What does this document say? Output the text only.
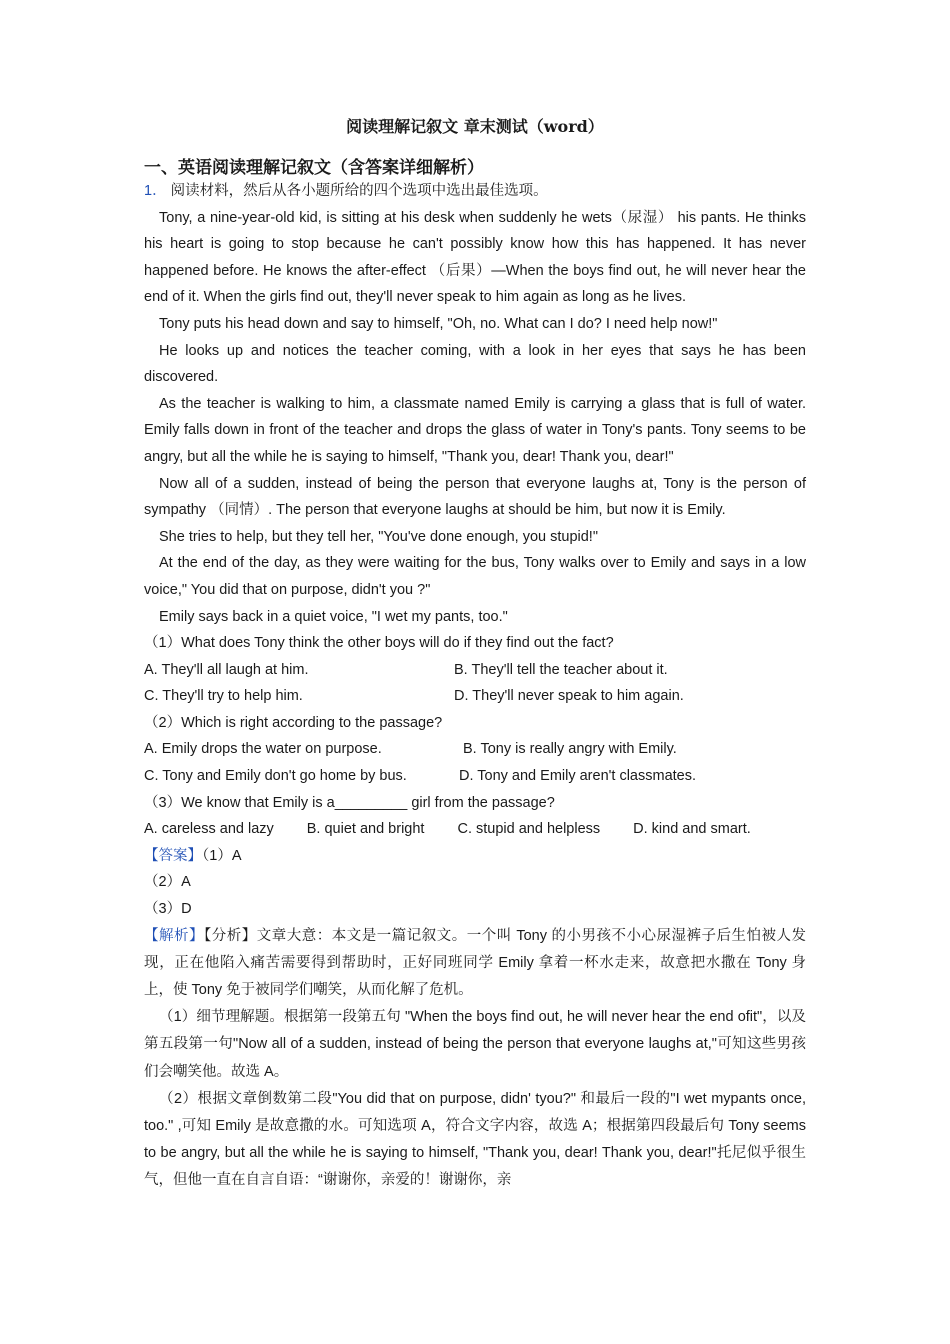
阅读理解记叙文 章末测试（word）

一、英语阅读理解记叙文（含答案详细解析）

1． 阅读材料，然后从各小题所给的四个选项中选出最佳选项。

Tony, a nine-year-old kid, is sitting at his desk when suddenly he wets（尿湿） his pants. He thinks his heart is going to stop because he can't possibly know how this has happened. It has never happened before. He knows the after-effect （后果）—When the boys find out, he will never hear the end of it. When the girls find out, they'll never speak to him again as long as he lives.

Tony puts his head down and say to himself, "Oh, no. What can I do? I need help now!"

He looks up and notices the teacher coming, with a look in her eyes that says he has been discovered.

As the teacher is walking to him, a classmate named Emily is carrying a glass that is full of water. Emily falls down in front of the teacher and drops the glass of water in Tony's pants. Tony seems to be angry, but all the while he is saying to himself, "Thank you, dear! Thank you, dear!"

Now all of a sudden, instead of being the person that everyone laughs at, Tony is the person of sympathy （同情）. The person that everyone laughs at should be him, but now it is Emily.

She tries to help, but they tell her, "You've done enough, you stupid!"

At the end of the day, as they were waiting for the bus, Tony walks over to Emily and says in a low voice," You did that on purpose, didn't you ?"

Emily says back in a quiet voice, "I wet my pants, too."

（1）What does Tony think the other boys will do if they find out the fact?

A. They'll all laugh at him.	B. They'll tell the teacher about it.
C. They'll try to help him.	D. They'll never speak to him again.

（2）Which is right according to the passage?

A. Emily drops the water on purpose.	B. Tony is really angry with Emily.
C. Tony and Emily don't go home by bus.	D. Tony and Emily aren't classmates.

（3）We know that Emily is a_________ girl from the passage?

A. careless and lazy B. quiet and bright C. stupid and helpless D. kind and smart.

【答案】（1）A

（2）A

（3）D

【解析】【分析】文章大意：本文是一篇记叙文。一个叫 Tony 的小男孩不小心尿湿裤子后生怕被人发现，正在他陷入痛苦需要得到帮助时，正好同班同学 Emily 拿着一杯水走来，故意把水撒在 Tony 身上，使 Tony 免于被同学们嘲笑，从而化解了危机。

（1）细节理解题。根据第一段第五句 "When the boys find out, he will never hear the end ofit"，以及第五段第一句"Now all of a sudden, instead of being the person that everyone laughs at,"可知这些男孩们会嘲笑他。故选 A。

（2）根据文章倒数第二段"You did that on purpose, didn' tyou?" 和最后一段的"I wet mypants once, too." ,可知 Emily 是故意撒的水。可知选项 A，符合文字内容，故选 A；根据第四段最后句 Tony seems to be angry, but all the while he is saying to himself, "Thank you, dear! Thank you, dear!"托尼似乎很生气，但他一直在自言自语：“谢谢你，亲爱的！谢谢你，亲
